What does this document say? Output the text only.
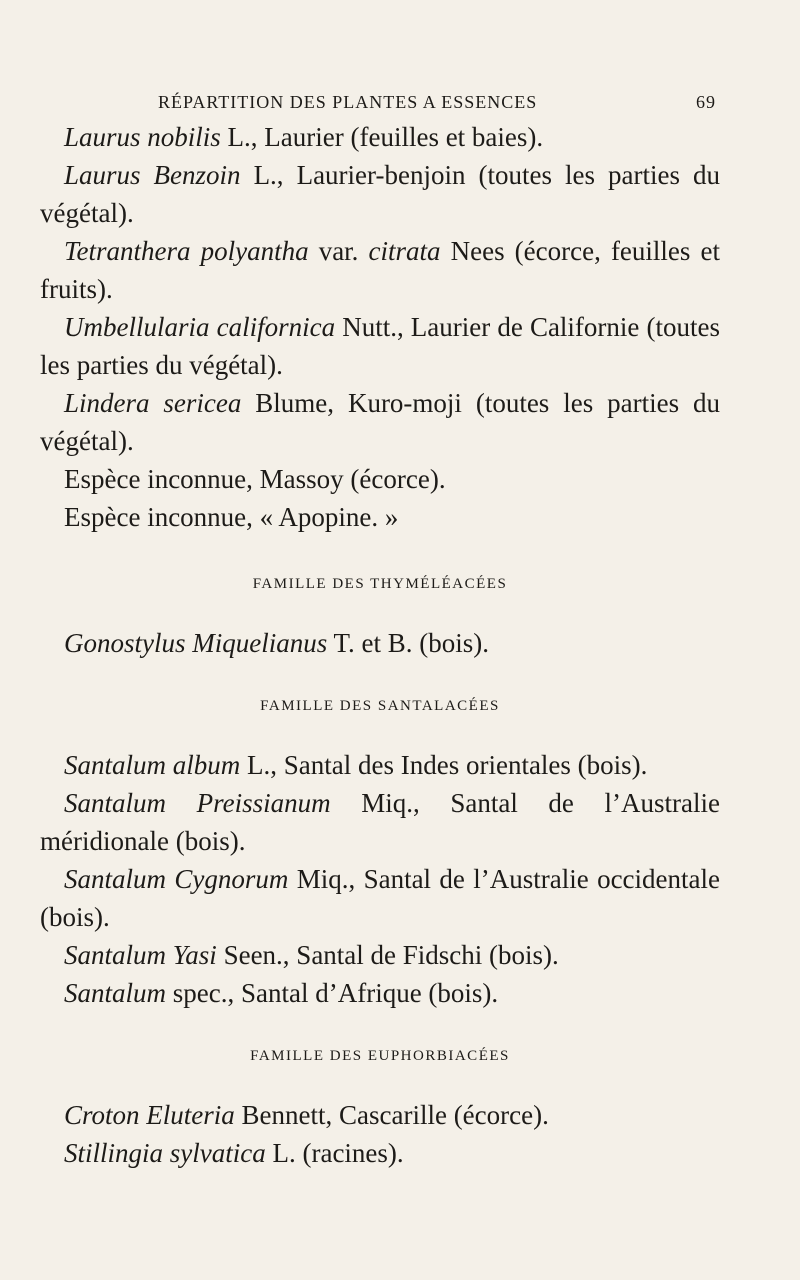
RÉPARTITION DES PLANTES A ESSENCES	69

Laurus nobilis L., Laurier (feuilles et baies).

Laurus Benzoin L., Laurier-benjoin (toutes les parties du végétal).

Tetranthera polyantha var. citrata Nees (écorce, feuilles et fruits).

Umbellularia californica Nutt., Laurier de Californie (toutes les parties du végétal).

Lindera sericea Blume, Kuro-moji (toutes les parties du végétal).

Espèce inconnue, Massoy (écorce).

Espèce inconnue, « Apopine. »

FAMILLE DES THYMÉLÉACÉES

Gonostylus Miquelianus T. et B. (bois).

FAMILLE DES SANTALACÉES

Santalum album L., Santal des Indes orientales (bois).

Santalum Preissianum Miq., Santal de l’Australie méridionale (bois).

Santalum Cygnorum Miq., Santal de l’Australie occidentale (bois).

Santalum Yasi Seen., Santal de Fidschi (bois).

Santalum spec., Santal d’Afrique (bois).

FAMILLE DES EUPHORBIACÉES

Croton Eluteria Bennett, Cascarille (écorce).

Stillingia sylvatica L. (racines).
